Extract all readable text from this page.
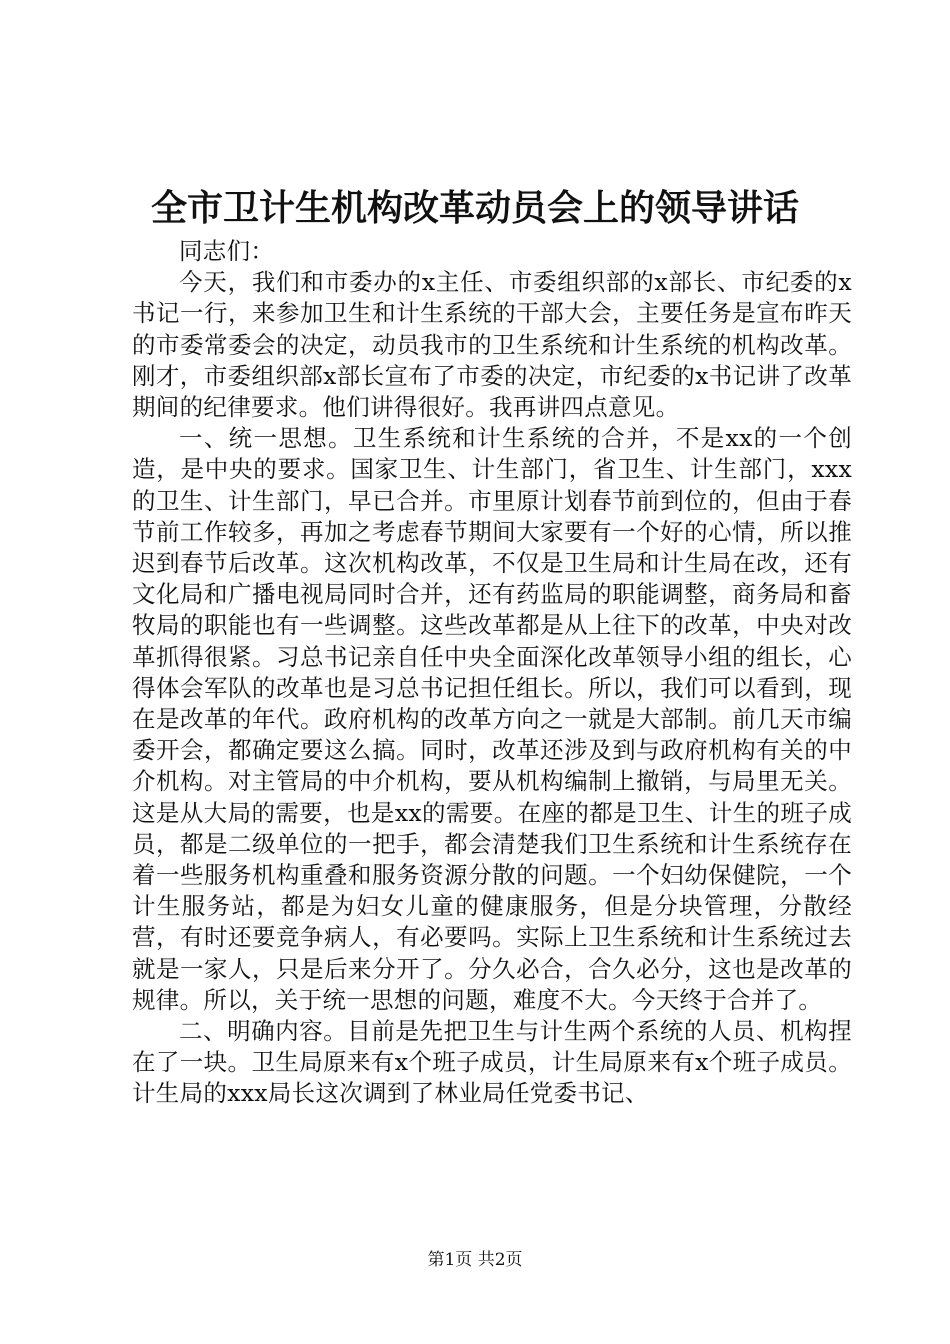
全市卫计生机构改革动员会上的领导讲话

同志们：

今天，我们和市委办的x主任、市委组织部的x部长、市纪委的x书记一行，来参加卫生和计生系统的干部大会，主要任务是宣布昨天的市委常委会的决定，动员我市的卫生系统和计生系统的机构改革。刚才，市委组织部x部长宣布了市委的决定，市纪委的x书记讲了改革期间的纪律要求。他们讲得很好。我再讲四点意见。

一、统一思想。卫生系统和计生系统的合并，不是xx的一个创造，是中央的要求。国家卫生、计生部门，省卫生、计生部门，xxx的卫生、计生部门，早已合并。市里原计划春节前到位的，但由于春节前工作较多，再加之考虑春节期间大家要有一个好的心情，所以推迟到春节后改革。这次机构改革，不仅是卫生局和计生局在改，还有文化局和广播电视局同时合并，还有药监局的职能调整，商务局和畜牧局的职能也有一些调整。这些改革都是从上往下的改革，中央对改革抓得很紧。习总书记亲自任中央全面深化改革领导小组的组长，心得体会军队的改革也是习总书记担任组长。所以，我们可以看到，现在是改革的年代。政府机构的改革方向之一就是大部制。前几天市编委开会，都确定要这么搞。同时，改革还涉及到与政府机构有关的中介机构。对主管局的中介机构，要从机构编制上撤销，与局里无关。这是从大局的需要，也是xx的需要。在座的都是卫生、计生的班子成员，都是二级单位的一把手，都会清楚我们卫生系统和计生系统存在着一些服务机构重叠和服务资源分散的问题。一个妇幼保健院，一个计生服务站，都是为妇女儿童的健康服务，但是分块管理，分散经营，有时还要竞争病人，有必要吗。实际上卫生系统和计生系统过去就是一家人，只是后来分开了。分久必合，合久必分，这也是改革的规律。所以，关于统一思想的问题，难度不大。今天终于合并了。

二、明确内容。目前是先把卫生与计生两个系统的人员、机构捏在了一块。卫生局原来有x个班子成员，计生局原来有x个班子成员。计生局的xxx局长这次调到了林业局任党委书记、

第1页 共2页
